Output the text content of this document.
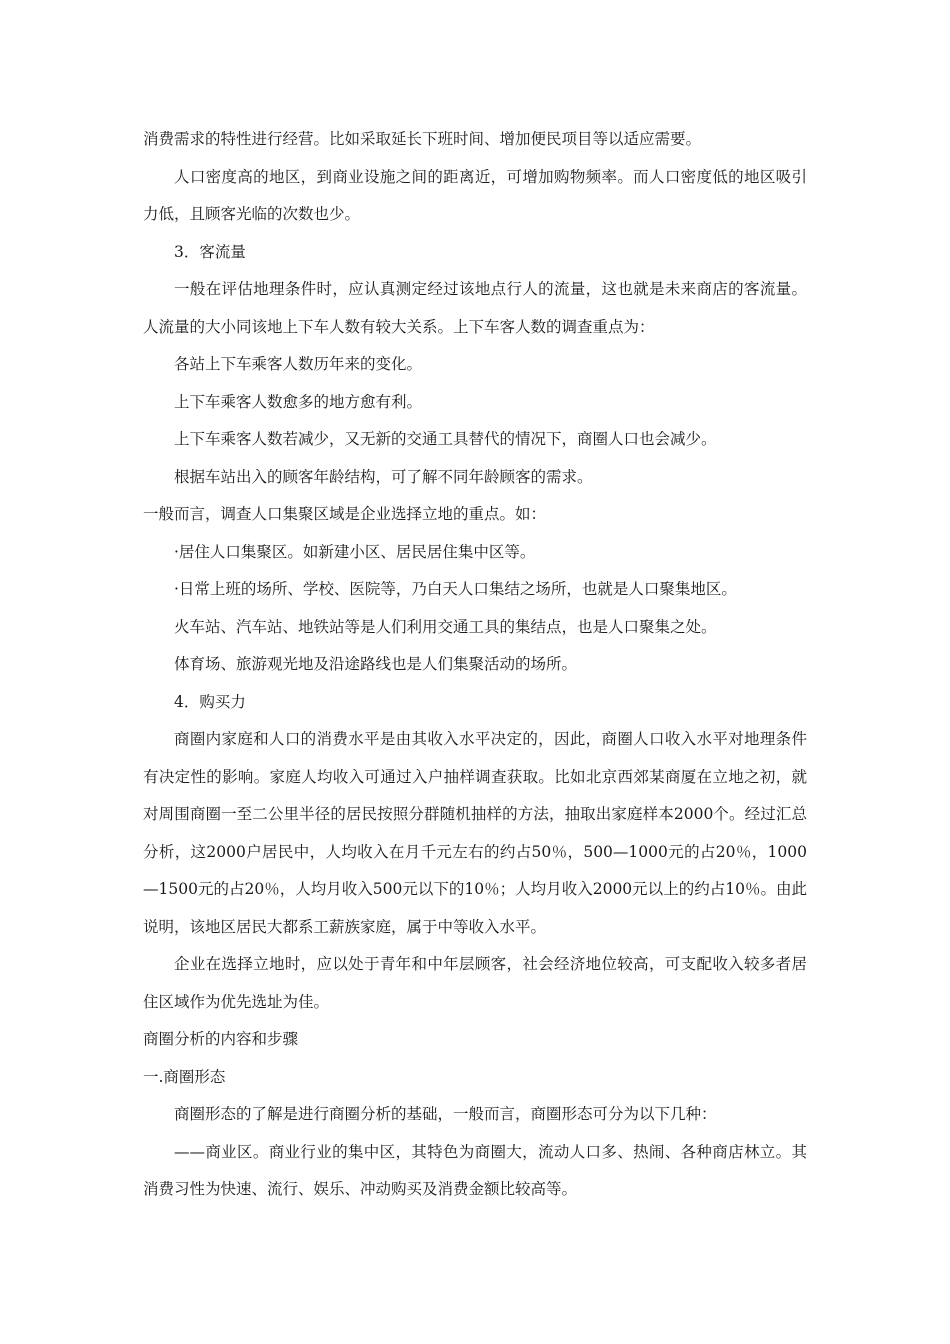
消费需求的特性进行经营。比如采取延长下班时间、增加便民项目等以适应需要。

人口密度高的地区，到商业设施之间的距离近，可增加购物频率。而人口密度低的地区吸引力低，且顾客光临的次数也少。

3．客流量

一般在评估地理条件时，应认真测定经过该地点行人的流量，这也就是未来商店的客流量。人流量的大小同该地上下车人数有较大关系。上下车客人数的调查重点为：

各站上下车乘客人数历年来的变化。

上下车乘客人数愈多的地方愈有利。

上下车乘客人数若减少，又无新的交通工具替代的情况下，商圈人口也会减少。

根据车站出入的顾客年龄结构，可了解不同年龄顾客的需求。

一般而言，调查人口集聚区域是企业选择立地的重点。如：

·居住人口集聚区。如新建小区、居民居住集中区等。

·日常上班的场所、学校、医院等，乃白天人口集结之场所，也就是人口聚集地区。

火车站、汽车站、地铁站等是人们利用交通工具的集结点，也是人口聚集之处。

体育场、旅游观光地及沿途路线也是人们集聚活动的场所。

4．购买力

商圈内家庭和人口的消费水平是由其收入水平决定的，因此，商圈人口收入水平对地理条件有决定性的影响。家庭人均收入可通过入户抽样调查获取。比如北京西郊某商厦在立地之初，就对周围商圈一至二公里半径的居民按照分群随机抽样的方法，抽取出家庭样本2000个。经过汇总分析，这2000户居民中，人均收入在月千元左右的约占50％，500—1000元的占20％，1000—1500元的占20％，人均月收入500元以下的10％；人均月收入2000元以上的约占10％。由此说明，该地区居民大都系工薪族家庭，属于中等收入水平。

企业在选择立地时，应以处于青年和中年层顾客，社会经济地位较高，可支配收入较多者居住区域作为优先选址为佳。

商圈分析的内容和步骤

一.商圈形态

商圈形态的了解是进行商圈分析的基础，一般而言，商圈形态可分为以下几种：

——商业区。商业行业的集中区，其特色为商圈大，流动人口多、热闹、各种商店林立。其消费习性为快速、流行、娱乐、冲动购买及消费金额比较高等。
